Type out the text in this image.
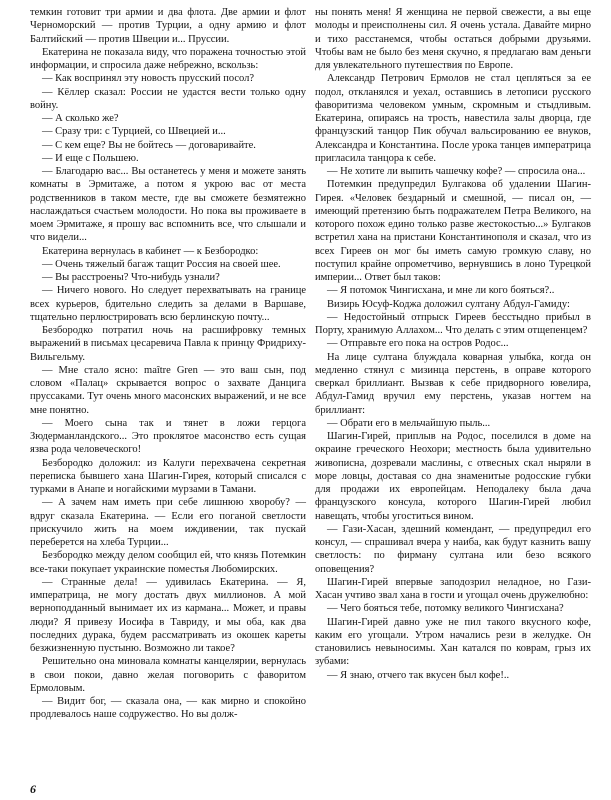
темкин готовит три армии и два флота. Две армии и флот Черноморский — против Турции, а одну армию и флот Балтийский — против Швеции и... Пруссии.

Екатерина не показала виду, что поражена точностью этой информации, и спросила даже небрежно, вскользь:

— Как воспринял эту новость прусский посол?

— Кёллер сказал: России не удастся вести только одну войну.

— А сколько же?

— Сразу три: с Турцией, со Швецией и...

— С кем еще? Вы не бойтесь — договаривайте.

— И еще с Польшею.

— Благодарю вас... Вы останетесь у меня и можете занять комнаты в Эрмитаже, а потом я укрою вас от места родственников в таком месте, где вы сможете безмятежно наслаждаться счастьем молодости. Но пока вы проживаете в моем Эрмитаже, я прошу вас вспомнить все, что слышали и что видели...

Екатерина вернулась в кабинет — к Безбородко:

— Очень тяжелый багаж тащит Россия на своей шее.

— Вы расстроены? Что-нибудь узнали?

— Ничего нового. Но следует перехватывать на границе всех курьеров, бдительно следить за делами в Варшаве, тщательно перлюстрировать всю берлинскую почту...

Безбородко потратил ночь на расшифровку темных выражений в письмах цесаревича Павла к принцу Фридриху-Вильгельму.

— Мне стало ясно: maître Gren — это ваш сын, под словом «Палац» скрывается вопрос о захвате Данцига пруссаками. Тут очень много масонских выражений, и не все мне понятно.

— Моего сына так и тянет в ложи герцога Зюдерманландского... Это проклятое масонство есть сущая язва рода человеческого!

Безбородко доложил: из Калуги перехвачена секретная переписка бывшего хана Шагин-Гирея, который списался с турками в Анапе и ногайскими мурзами в Тамани.

— А зачем нам иметь при себе лишнюю хворобу? — вдруг сказала Екатерина. — Если его поганой светлости прискучило жить на моем иждивении, так пускай переберется на хлеба Турции...

Безбородко между делом сообщил ей, что князь Потемкин все-таки покупает украинские поместья Любомирских.

— Странные дела! — удивилась Екатерина. — Я, императрица, не могу достать двух миллионов. А мой верноподданный вынимает их из кармана... Может, и правы люди? Я привезу Иосифа в Тавриду, и мы оба, как два последних дурака, будем рассматривать из окошек кареты безжизненную пустыню. Возможно ли такое?

Решительно она миновала комнаты канцелярии, вернулась в свои покои, давно желая поговорить с фаворитом Ермоловым.

— Видит бог, — сказала она, — как мирно и спокойно продлевалось наше содружество. Но вы долж-

ны понять меня! Я женщина не первой свежести, а вы еще молоды и преисполнены сил. Я очень устала. Давайте мирно и тихо расстанемся, чтобы остаться добрыми друзьями. Чтобы вам не было без меня скучно, я предлагаю вам деньги для увлекательного путешествия по Европе.

Александр Петрович Ермолов не стал цепляться за ее подол, откланялся и уехал, оставшись в летописи русского фаворитизма человеком умным, скромным и стыдливым. Екатерина, опираясь на трость, навестила залы дворца, где французский танцор Пик обучал вальсированию ее внуков, Александра и Константина. После урока танцев императрица пригласила танцора к себе.

— Не хотите ли выпить чашечку кофе? — спросила она...

Потемкин предупредил Булгакова об удалении Шагин-Гирея. «Человек бездарный и смешной, — писал он, — имеющий претензию быть подражателем Петра Великого, на которого похож едино только разве жестокостью...» Булгаков встретил хана на пристани Константинополя и сказал, что из всех Гиреев он мог бы иметь самую громкую славу, но поступил крайне опрометчиво, вернувшись в лоно Турецкой империи... Ответ был таков:

— Я потомок Чингисхана, и мне ли кого бояться?..

Визирь Юсуф-Коджа доложил султану Абдул-Гамиду:

— Недостойный отпрыск Гиреев бесстыдно прибыл в Порту, хранимую Аллахом... Что делать с этим отщепенцем?

— Отправьте его пока на остров Родос...

На лице султана блуждала коварная улыбка, когда он медленно стянул с мизинца перстень, в оправе которого сверкал бриллиант. Вызвав к себе придворного ювелира, Абдул-Гамид вручил ему перстень, указав ногтем на бриллиант:

— Обрати его в мельчайшую пыль...

Шагин-Гирей, приплыв на Родос, поселился в доме на окраине греческого Неохори; местность была удивительно живописна, дозревали маслины, с отвесных скал ныряли в море ловцы, доставая со дна знаменитые родосские губки для продажи их европейцам. Неподалеку была дача французского консула, которого Шагин-Гирей любил навещать, чтобы угоститься вином.

— Гази-Хасан, здешний комендант, — предупредил его консул, — спрашивал вчера у наиба, как будут казнить вашу светлость: по фирману султана или безо всякого оповещения?

Шагин-Гирей впервые заподозрил неладное, но Гази-Хасан учтиво звал хана в гости и угощал очень дружелюбно:

— Чего бояться тебе, потомку великого Чингисхана?

Шагин-Гирей давно уже не пил такого вкусного кофе, каким его угощали. Утром начались рези в желудке. Он становились невыносимы. Хан катался по коврам, грыз их зубами:

— Я знаю, отчего так вкусен был кофе!..

6
